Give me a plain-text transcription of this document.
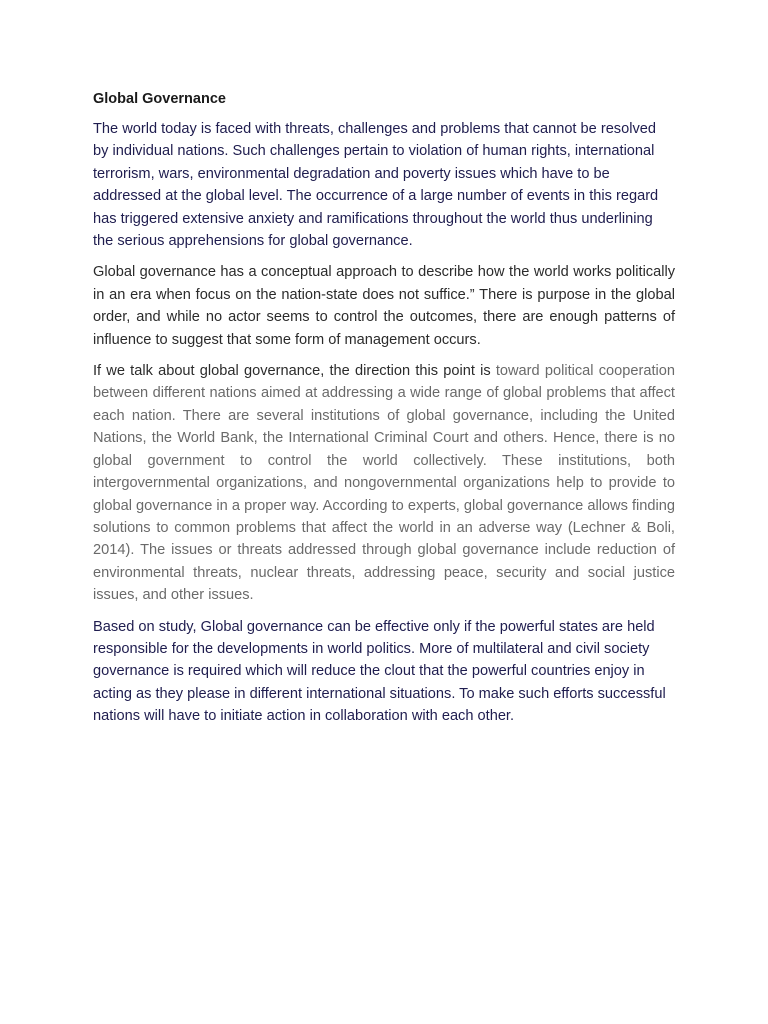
Global Governance

The world today is faced with threats, challenges and problems that cannot be resolved by individual nations. Such challenges pertain to violation of human rights, international terrorism, wars, environmental degradation and poverty issues which have to be addressed at the global level. The occurrence of a large number of events in this regard has triggered extensive anxiety and ramifications throughout the world thus underlining the serious apprehensions for global governance.

Global governance has a conceptual approach to describe how the world works politically in an era when focus on the nation-state does not suffice.” There is purpose in the global order, and while no actor seems to control the outcomes, there are enough patterns of influence to suggest that some form of management occurs.

If we talk about global governance, the direction this point is toward political cooperation between different nations aimed at addressing a wide range of global problems that affect each nation. There are several institutions of global governance, including the United Nations, the World Bank, the International Criminal Court and others. Hence, there is no global government to control the world collectively. These institutions, both intergovernmental organizations, and nongovernmental organizations help to provide to global governance in a proper way. According to experts, global governance allows finding solutions to common problems that affect the world in an adverse way (Lechner & Boli, 2014). The issues or threats addressed through global governance include reduction of environmental threats, nuclear threats, addressing peace, security and social justice issues, and other issues.

Based on study, Global governance can be effective only if the powerful states are held responsible for the developments in world politics. More of multilateral and civil society governance is required which will reduce the clout that the powerful countries enjoy in acting as they please in different international situations. To make such efforts successful nations will have to initiate action in collaboration with each other.
